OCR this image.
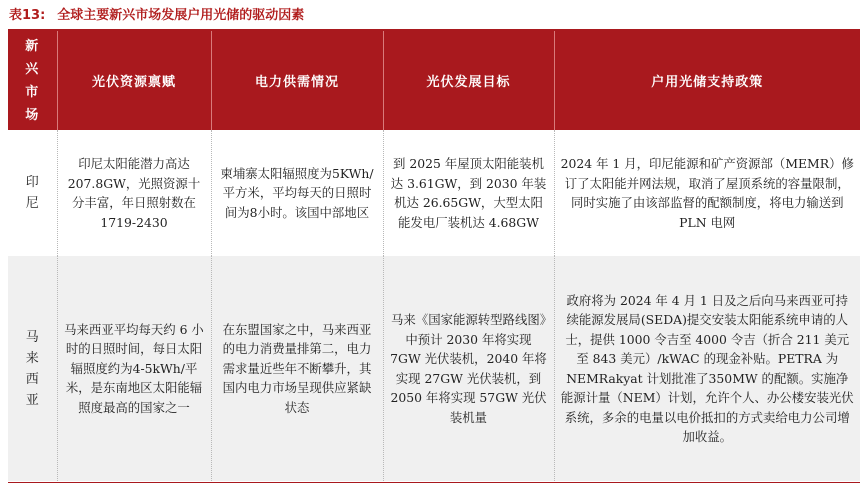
表13: 全球主要新兴市场发展户用光储的驱动因素
新
兴
市
场	光伏资源禀赋	电力供需情况	光伏发展目标	户用光储支持政策

印
尼	印尼太阳能潜力高达207.8GW，光照资源十分丰富，年日照射数在1719-2430	柬埔寨太阳辐照度为5KWh/平方米，平均每天的日照时间为8小时。该国中部地区	到 2025 年屋顶太阳能装机达 3.61GW，到 2030 年装机达 26.65GW，大型太阳能发电厂装机达 4.68GW	2024 年 1 月，印尼能源和矿产资源部（MEMR）修订了太阳能并网法规，取消了屋顶系统的容量限制，同时实施了由该部监督的配额制度，将电力输送到 PLN 电网

马
来
西
亚	马来西亚平均每天约 6 小时的日照时间，每日太阳辐照度约为4-5kWh/平米，是东南地区太阳能辐照度最高的国家之一	在东盟国家之中，马来西亚的电力消费量排第二，电力需求量近些年不断攀升，其国内电力市场呈现供应紧缺状态	马来《国家能源转型路线图》中预计 2030 年将实现 7GW 光伏装机，2040 年将实现 27GW 光伏装机，到 2050 年将实现 57GW 光伏装机量	政府将为 2024 年 4 月 1 日及之后向马来西亚可持续能源发展局(SEDA)提交安装太阳能系统申请的人士，提供 1000 令吉至 4000 令吉（折合 211 美元至 843 美元）/kWAC 的现金补贴。PETRA 为 NEMRakyat 计划批准了350MW 的配额。实施净能源计量（NEM）计划，允许个人、办公楼安装光伏系统，多余的电量以电价抵扣的方式卖给电力公司增加收益。
